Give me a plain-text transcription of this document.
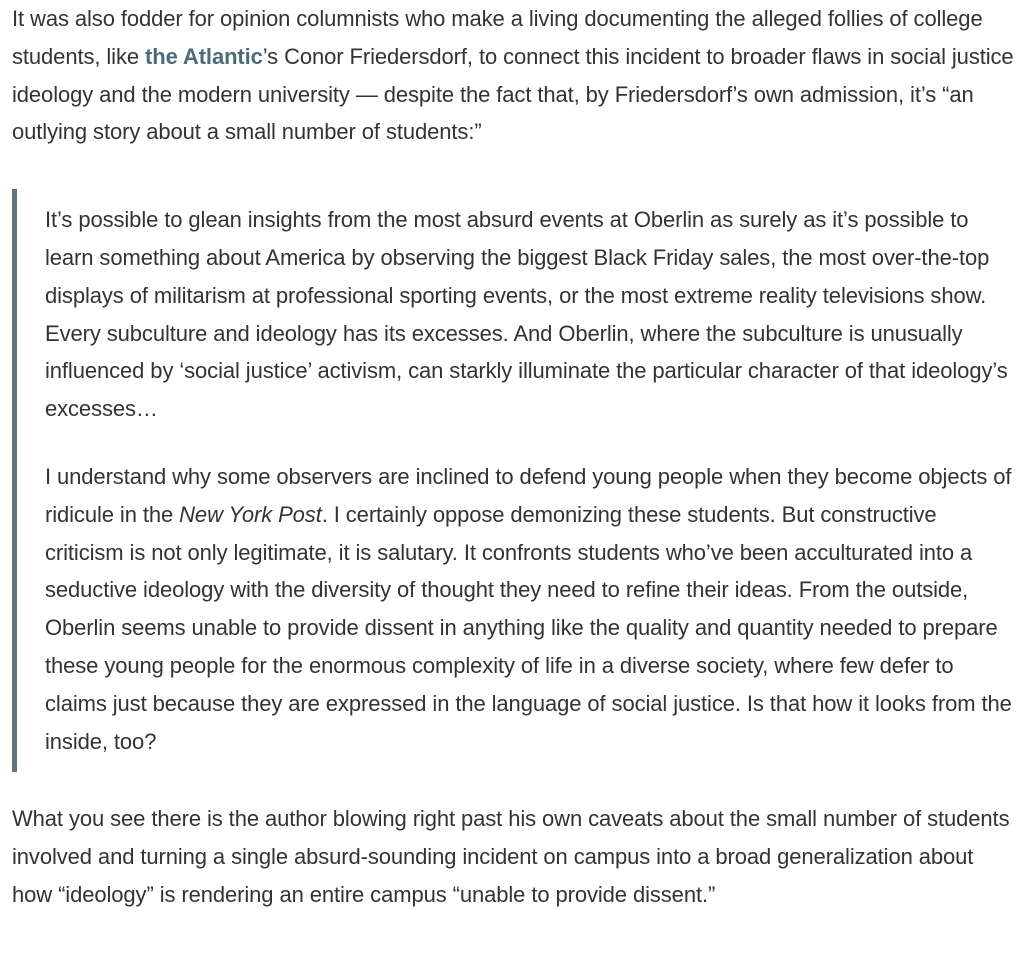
It was also fodder for opinion columnists who make a living documenting the alleged follies of college students, like the Atlantic’s Conor Friedersdorf, to connect this incident to broader flaws in social justice ideology and the modern university — despite the fact that, by Friedersdorf’s own admission, it’s “an outlying story about a small number of students:”

It’s possible to glean insights from the most absurd events at Oberlin as surely as it’s possible to learn something about America by observing the biggest Black Friday sales, the most over-the-top displays of militarism at professional sporting events, or the most extreme reality televisions show. Every subculture and ideology has its excesses. And Oberlin, where the subculture is unusually influenced by ‘social justice’ activism, can starkly illuminate the particular character of that ideology’s excesses…

I understand why some observers are inclined to defend young people when they become objects of ridicule in the New York Post. I certainly oppose demonizing these students. But constructive criticism is not only legitimate, it is salutary. It confronts students who’ve been acculturated into a seductive ideology with the diversity of thought they need to refine their ideas. From the outside, Oberlin seems unable to provide dissent in anything like the quality and quantity needed to prepare these young people for the enormous complexity of life in a diverse society, where few defer to claims just because they are expressed in the language of social justice. Is that how it looks from the inside, too?

What you see there is the author blowing right past his own caveats about the small number of students involved and turning a single absurd-sounding incident on campus into a broad generalization about how “ideology” is rendering an entire campus “unable to provide dissent.”
